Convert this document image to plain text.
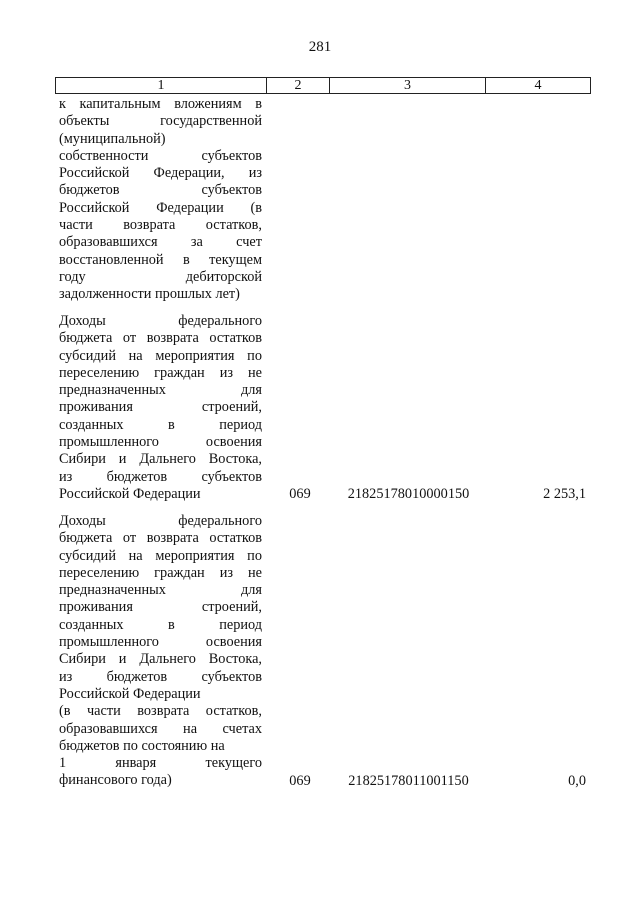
281
1	2	3	4
к капитальным вложениям в
объекты государственной
(муниципальной)
собственности субъектов
Российской Федерации, из
бюджетов субъектов
Российской Федерации (в
части возврата остатков,
образовавшихся за счет
восстановленной в текущем
году дебиторской
задолженности прошлых лет)
Доходы федерального
бюджета от возврата остатков
субсидий на мероприятия по
переселению граждан из не
предназначенных для
проживания строений,
созданных в период
промышленного освоения
Сибири и Дальнего Востока,
из бюджетов субъектов
Российской Федерации	069	21825178010000150	2 253,1
Доходы федерального
бюджета от возврата остатков
субсидий на мероприятия по
переселению граждан из не
предназначенных для
проживания строений,
созданных в период
промышленного освоения
Сибири и Дальнего Востока,
из бюджетов субъектов
Российской Федерации
(в части возврата остатков,
образовавшихся на счетах
бюджетов по состоянию на
1 января текущего
финансового года)	069	21825178011001150	0,0
